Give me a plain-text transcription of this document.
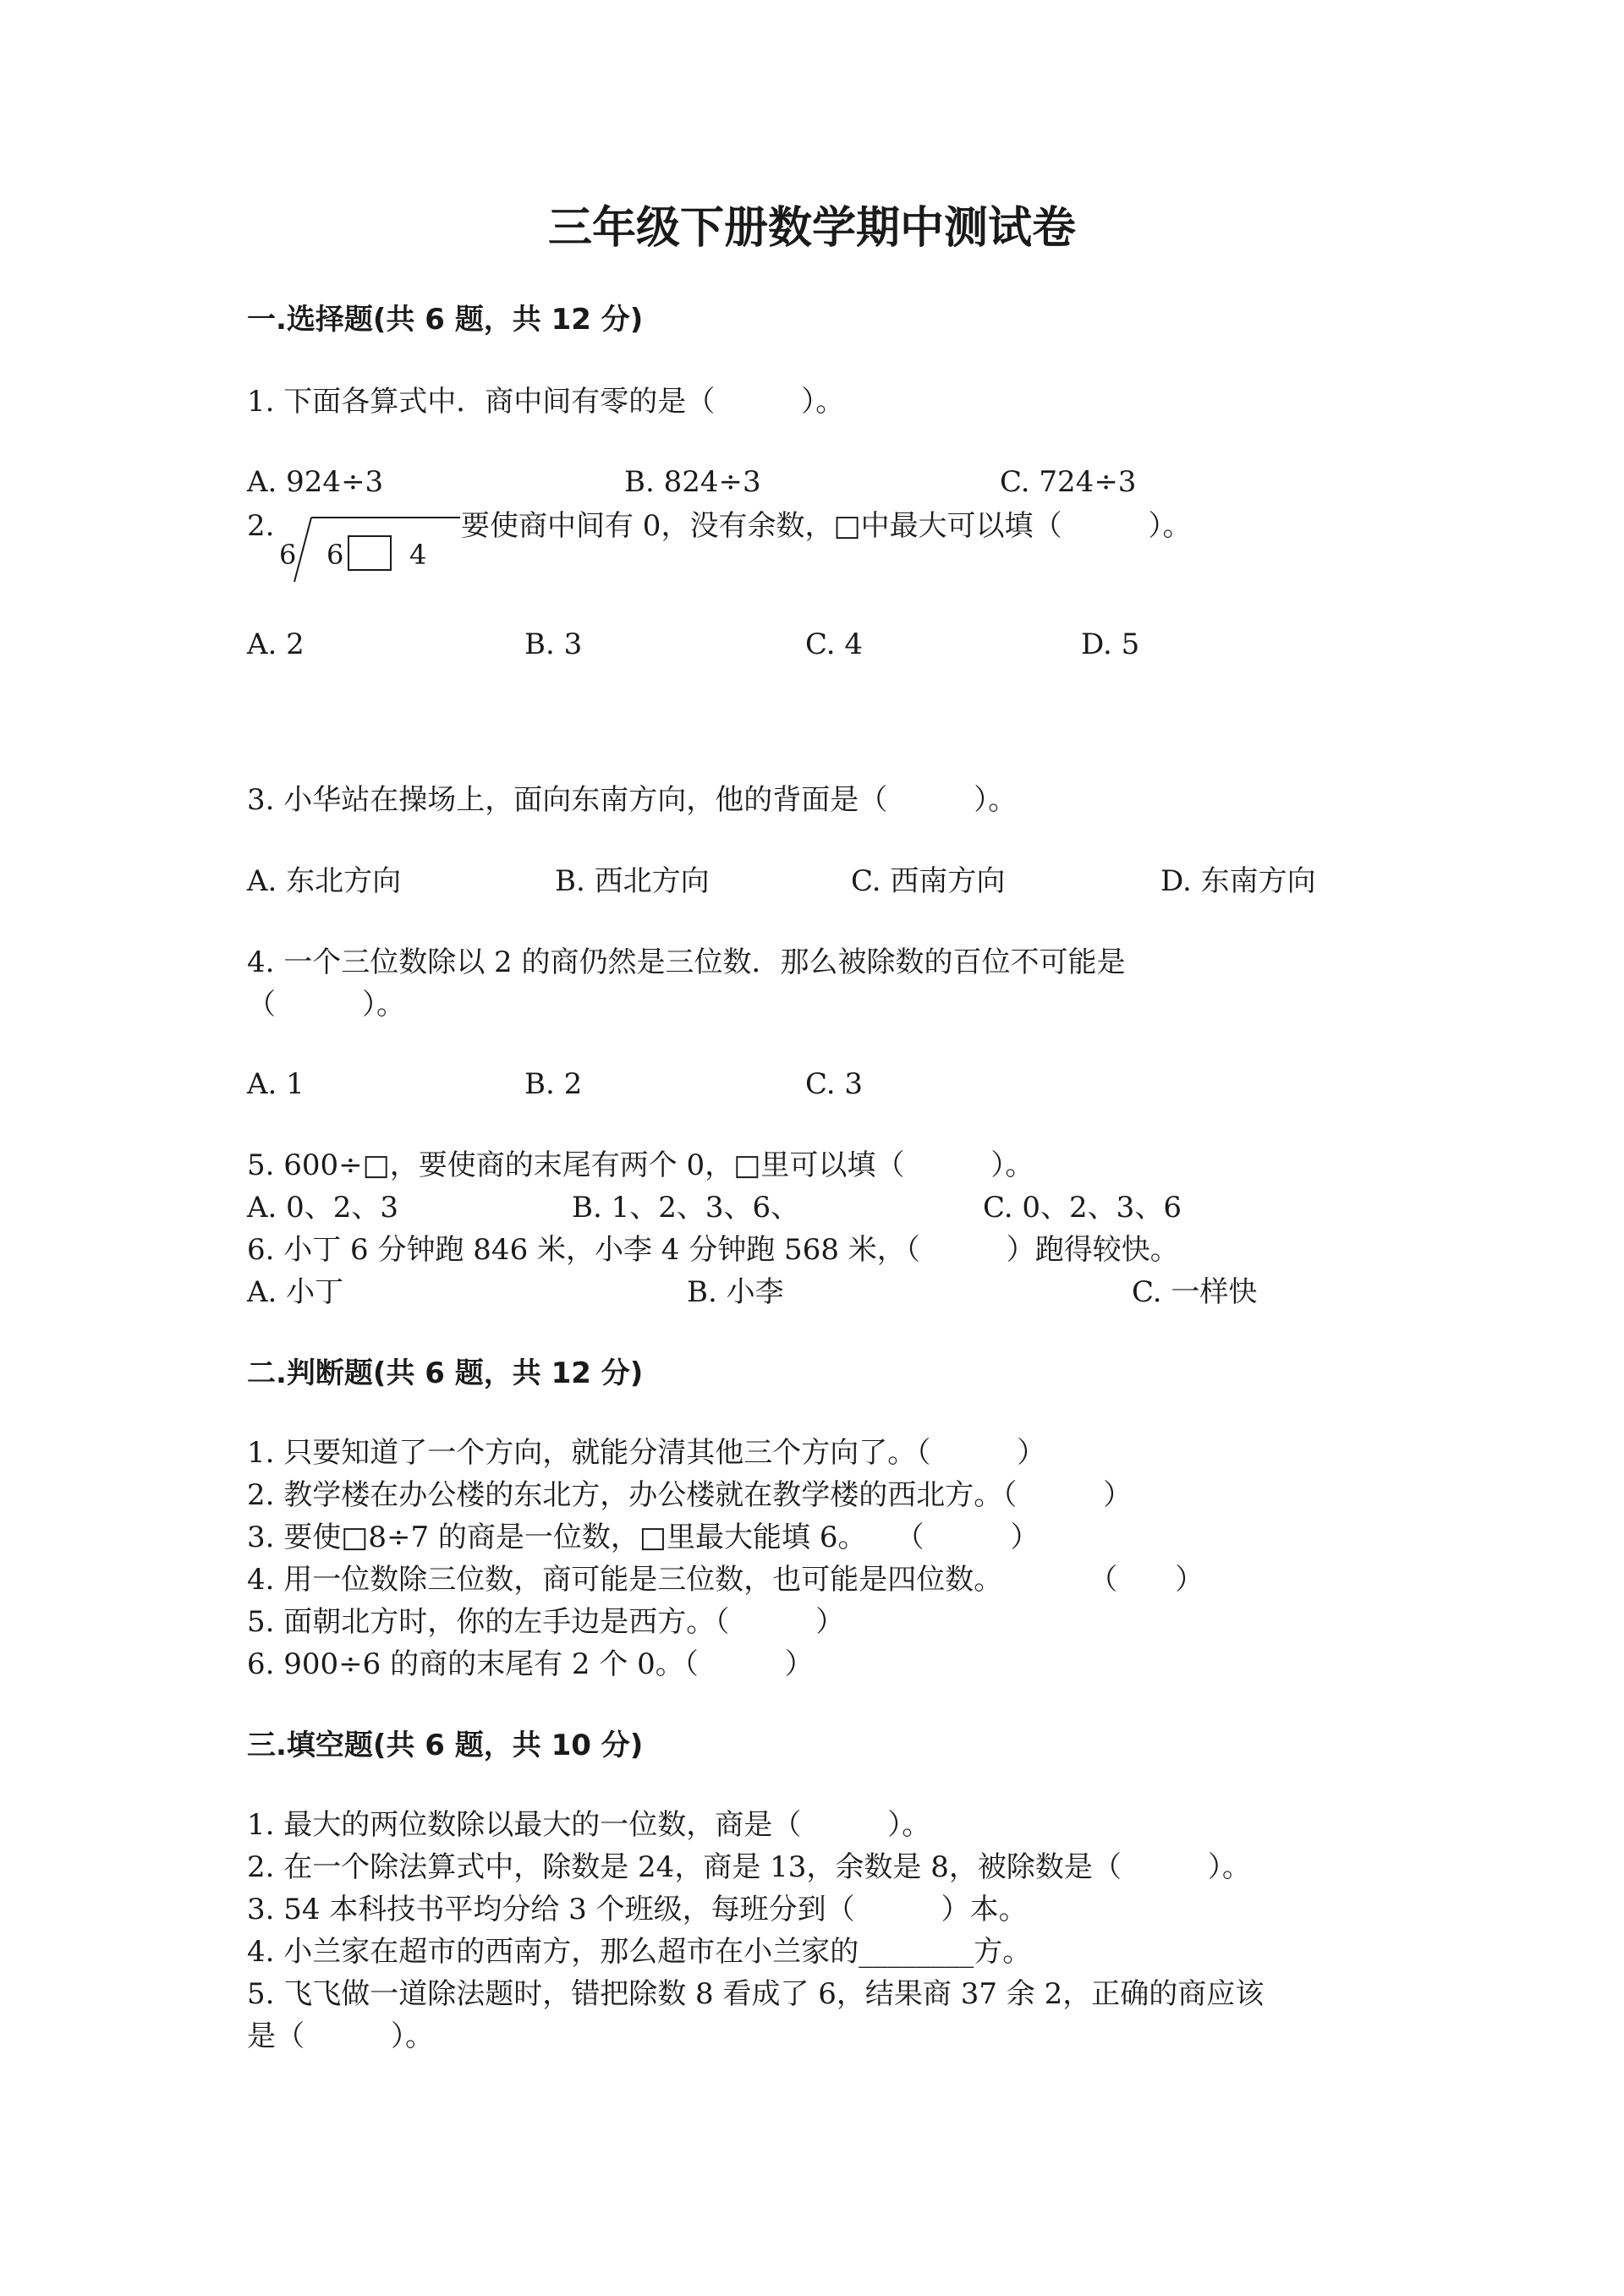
三年级下册数学期中测试卷
一.选择题(共 6 题，共 12 分)
1. 下面各算式中．商中间有零的是（　　　）。
A. 924÷3	B. 824÷3	C. 724÷3
2.
6 6 4
要使商中间有 0，没有余数，□中最大可以填（　　　）。
A. 2	B. 3	C. 4	D. 5
3. 小华站在操场上，面向东南方向，他的背面是（　　　）。
A. 东北方向	B. 西北方向	C. 西南方向	D. 东南方向
4. 一个三位数除以 2 的商仍然是三位数．那么被除数的百位不可能是
（　　　）。
A. 1	B. 2	C. 3
5. 600÷□，要使商的末尾有两个 0，□里可以填（　　　）。
A. 0、2、3	B. 1、2、3、6、	C. 0、2、3、6
6. 小丁 6 分钟跑 846 米，小李 4 分钟跑 568 米，（　　　）跑得较快。
A. 小丁	B. 小李	C. 一样快
二.判断题(共 6 题，共 12 分)
1. 只要知道了一个方向，就能分清其他三个方向了。（　　　）
2. 教学楼在办公楼的东北方，办公楼就在教学楼的西北方。（　　　）
3. 要使□8÷7 的商是一位数，□里最大能填 6。　　（　　　）
4. 用一位数除三位数，商可能是三位数，也可能是四位数。　　　　（　　）
5. 面朝北方时，你的左手边是西方。（　　　）
6. 900÷6 的商的末尾有 2 个 0。（　　　）
三.填空题(共 6 题，共 10 分)
1. 最大的两位数除以最大的一位数，商是（　　　）。
2. 在一个除法算式中，除数是 24，商是 13，余数是 8，被除数是（　　　）。
3. 54 本科技书平均分给 3 个班级，每班分到（　　　）本。
4. 小兰家在超市的西南方，那么超市在小兰家的________方。
5. 飞飞做一道除法题时，错把除数 8 看成了 6，结果商 37 余 2，正确的商应该
是（　　　）。
